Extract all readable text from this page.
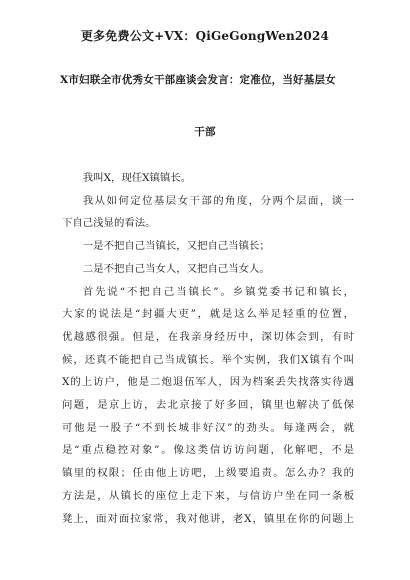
更多免费公文+VX：QiGeGongWen2024
X市妇联全市优秀女干部座谈会发言：定准位，当好基层女
干部
我叫X，现任X镇镇长。
我从如何定位基层女干部的角度，分两个层面，谈一
下自己浅显的看法。
一是不把自己当镇长，又把自己当镇长；
二是不把自己当女人，又把自己当女人。
首先说“不把自己当镇长”。乡镇党委书记和镇长，
大家的说法是“封疆大吏”，就是这么举足轻重的位置，
优越感很强。但是，在我亲身经历中，深切体会到，有时
候，还真不能把自己当成镇长。举个实例，我们X镇有个叫
X的上访户，他是二炮退伍军人，因为档案丢失找落实待遇
问题，是京上访，去北京接了好多回，镇里也解决了低保
可他是一股子“不到长城非好汉”的劲头。每逢两会，就
是“重点稳控对象”。像这类信访访问题，化解吧，不是
镇里的权限；任由他上访吧，上级要追责。怎么办？我的
方法是，从镇长的座位上走下来，与信访户坐在同一条板
凳上，面对面拉家常，我对他讲，老X，镇里在你的问题上
